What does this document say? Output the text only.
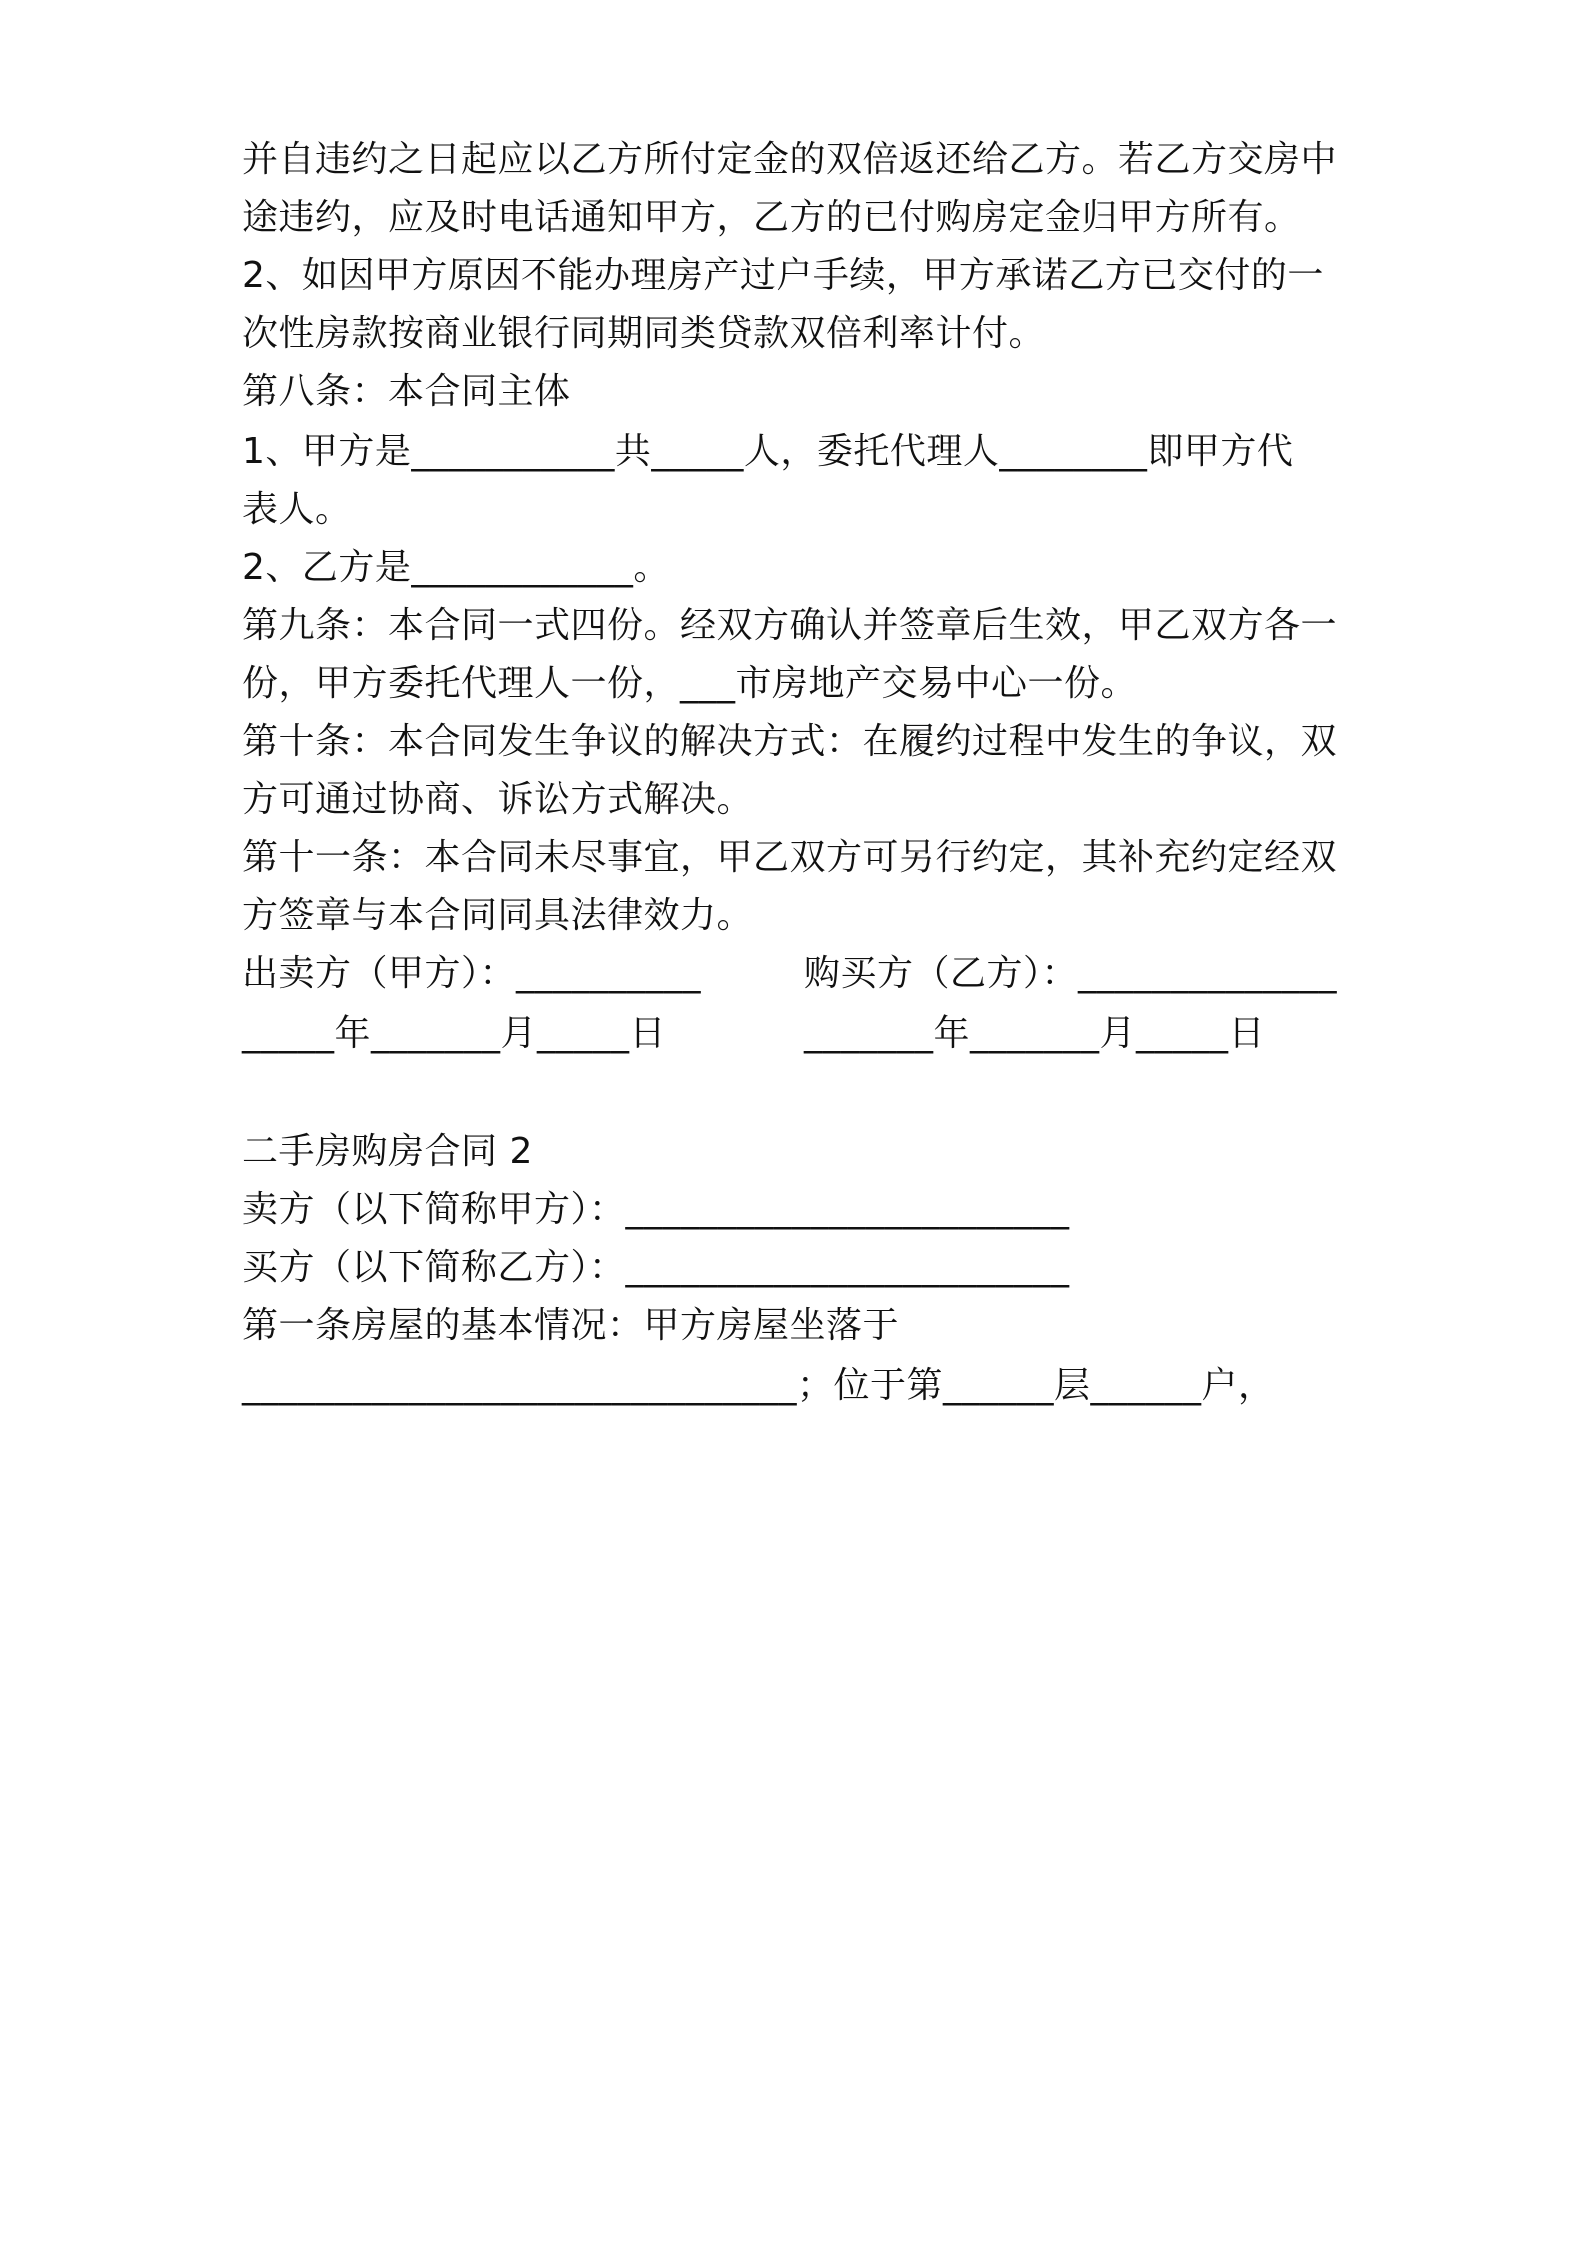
并自违约之日起应以乙方所付定金的双倍返还给乙方。若乙方交房中
途违约，应及时电话通知甲方，乙方的已付购房定金归甲方所有。
2、如因甲方原因不能办理房产过户手续，甲方承诺乙方已交付的一
次性房款按商业银行同期同类贷款双倍利率计付。
第八条：本合同主体
1、甲方是___________共_____人，委托代理人________即甲方代
表人。
2、乙方是____________。
第九条：本合同一式四份。经双方确认并签章后生效，甲乙双方各一
份，甲方委托代理人一份，___市房地产交易中心一份。
第十条：本合同发生争议的解决方式：在履约过程中发生的争议，双
方可通过协商、诉讼方式解决。
第十一条：本合同未尽事宜，甲乙双方可另行约定，其补充约定经双
方签章与本合同同具法律效力。
出卖方（甲方）：__________	购买方（乙方）：______________
_____年_______月_____日	_______年_______月_____日
二手房购房合同 2
卖方（以下简称甲方）：________________________
买方（以下简称乙方）：________________________
第一条房屋的基本情况：甲方房屋坐落于
______________________________；位于第______层______户，
